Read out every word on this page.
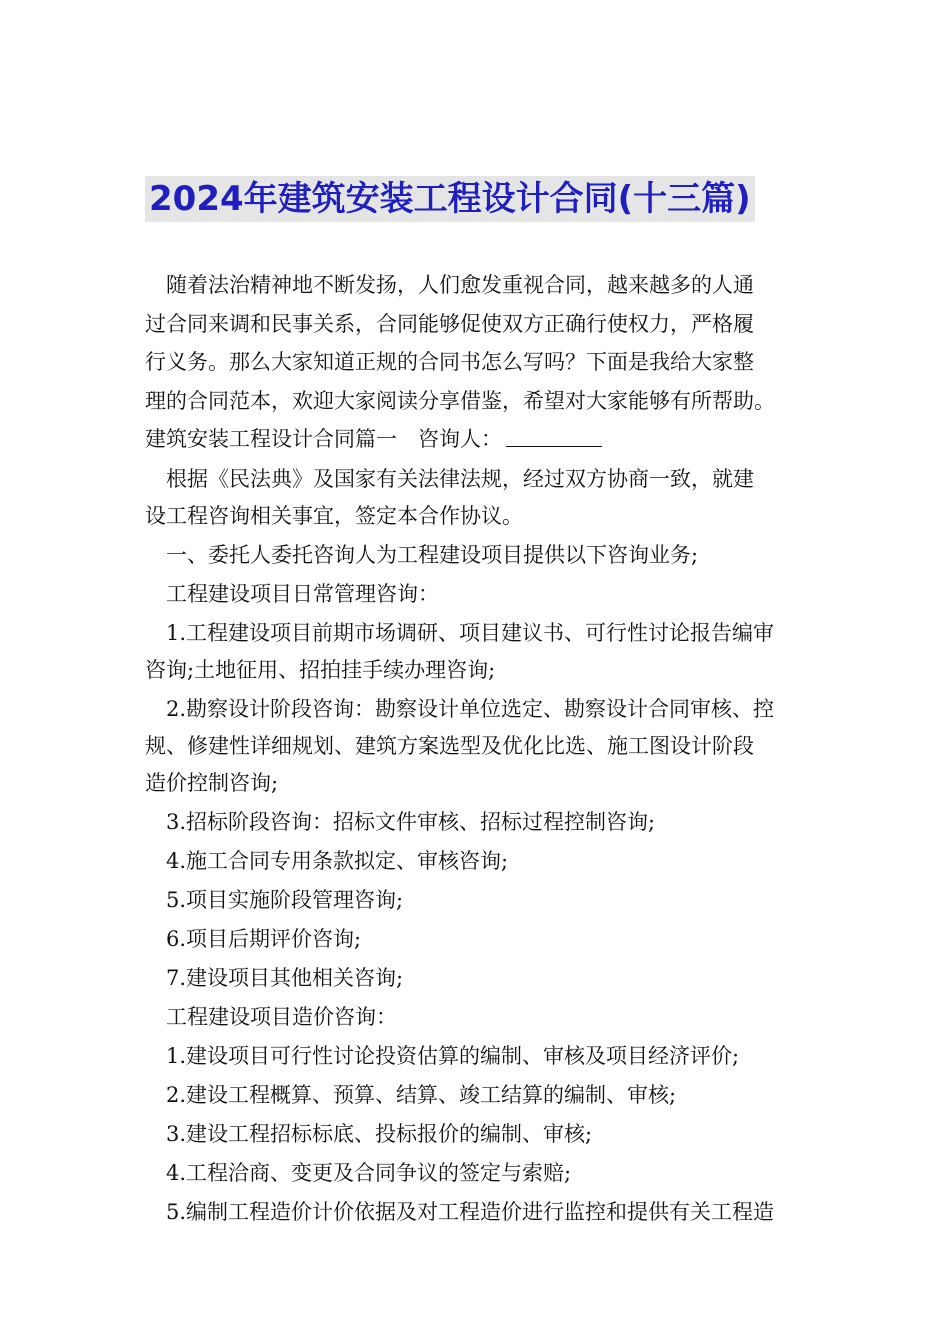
2024年建筑安装工程设计合同(十三篇)

　随着法治精神地不断发扬，人们愈发重视合同，越来越多的人通

过合同来调和民事关系，合同能够促使双方正确行使权力，严格履

行义务。那么大家知道正规的合同书怎么写吗？下面是我给大家整

理的合同范本，欢迎大家阅读分享借鉴，希望对大家能够有所帮助。

建筑安装工程设计合同篇一　咨询人：

根据《民法典》及国家有关法律法规，经过双方协商一致，就建

设工程咨询相关事宜，签定本合作协议。

一、委托人委托咨询人为工程建设项目提供以下咨询业务;

工程建设项目日常管理咨询：

1.工程建设项目前期市场调研、项目建议书、可行性讨论报告编审

咨询;土地征用、招拍挂手续办理咨询;

2.勘察设计阶段咨询：勘察设计单位选定、勘察设计合同审核、控

规、修建性详细规划、建筑方案选型及优化比选、施工图设计阶段

造价控制咨询;

3.招标阶段咨询：招标文件审核、招标过程控制咨询;

4.施工合同专用条款拟定、审核咨询;

5.项目实施阶段管理咨询;

6.项目后期评价咨询;

7.建设项目其他相关咨询;

工程建设项目造价咨询：

1.建设项目可行性讨论投资估算的编制、审核及项目经济评价;

2.建设工程概算、预算、结算、竣工结算的编制、审核;

3.建设工程招标标底、投标报价的编制、审核;

4.工程洽商、变更及合同争议的签定与索赔;

5.编制工程造价计价依据及对工程造价进行监控和提供有关工程造
